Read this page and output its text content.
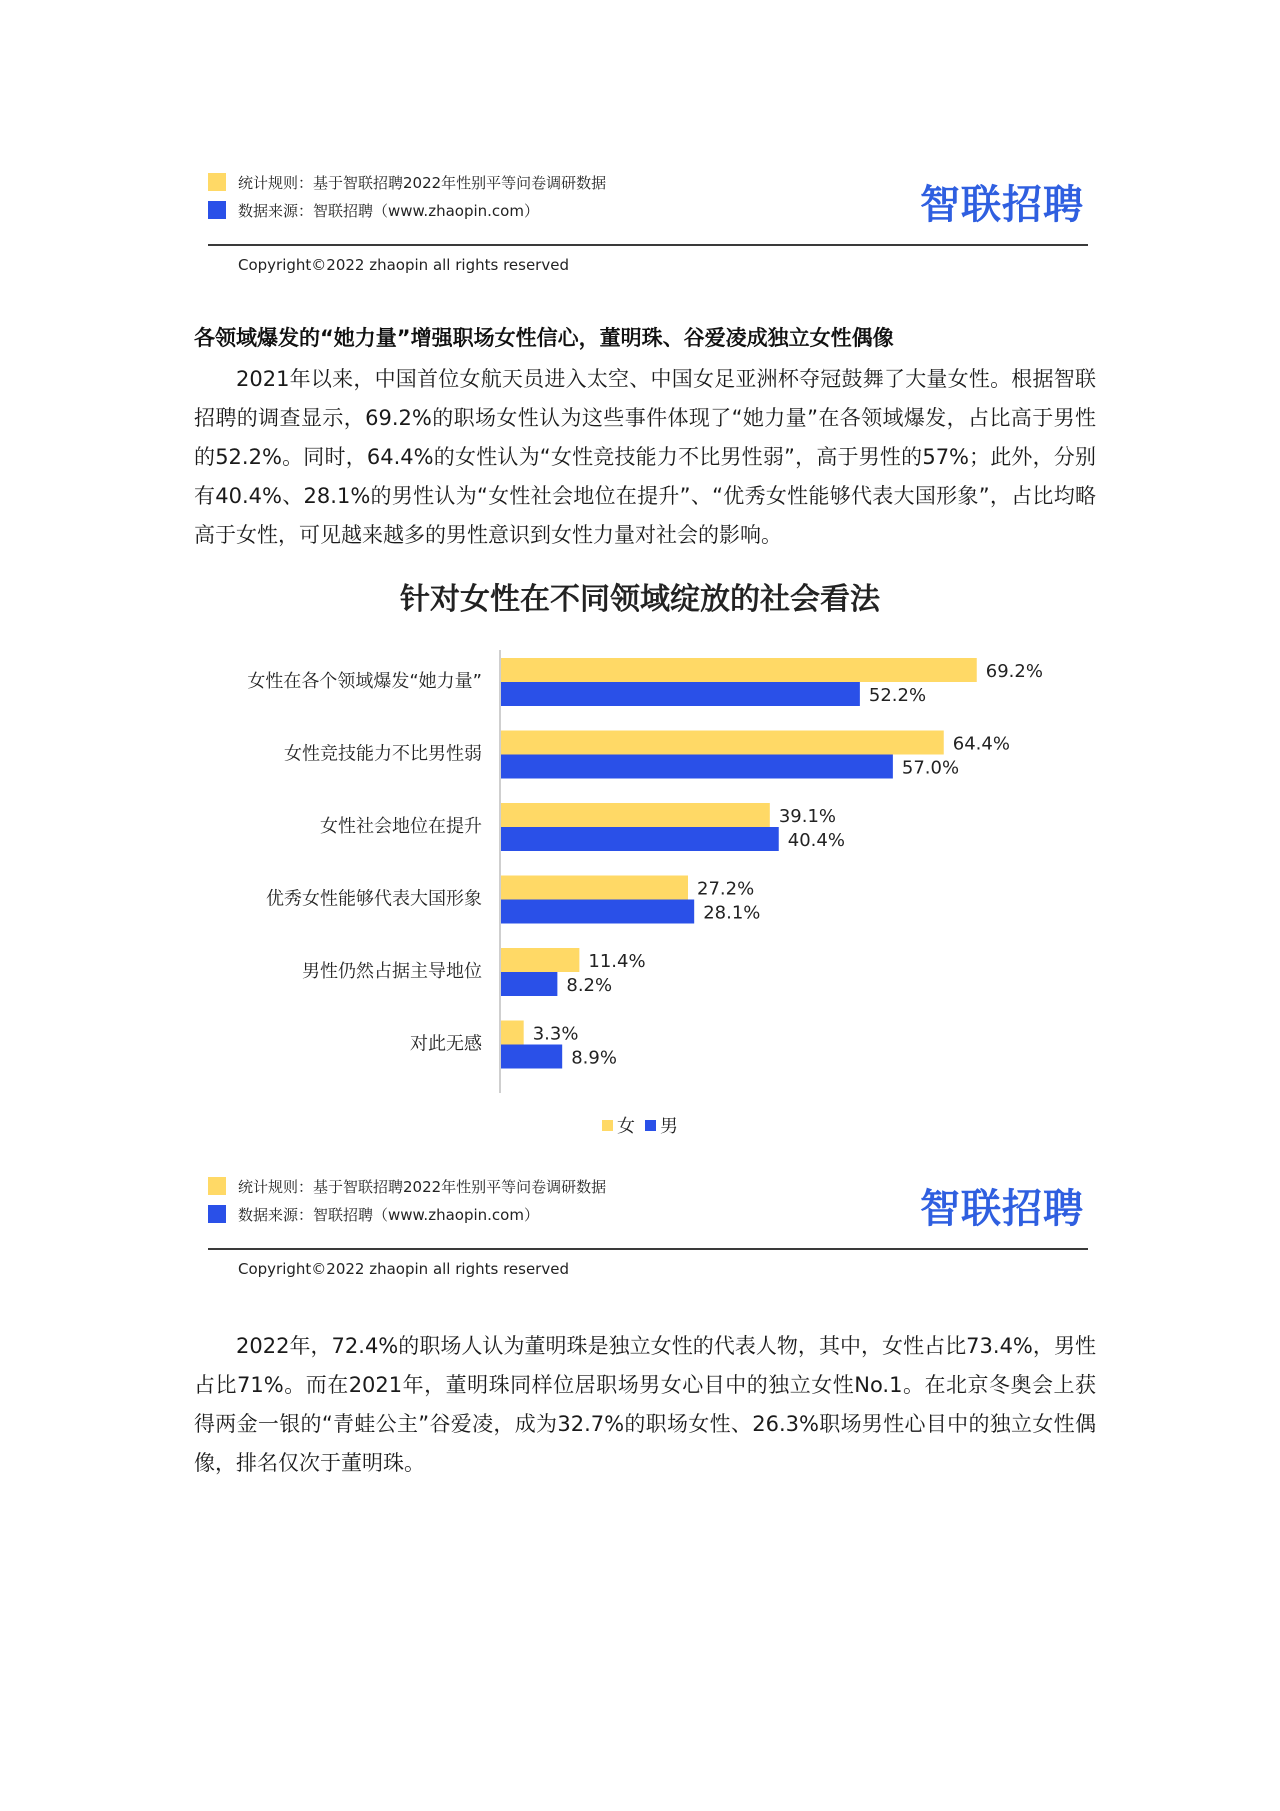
统计规则：基于智联招聘2022年性别平等问卷调研数据
数据来源：智联招聘（www.zhaopin.com）	智联招聘
Copyright©2022 zhaopin all rights reserved
各领域爆发的“她力量”增强职场女性信心，董明珠、谷爱凌成独立女性偶像

2021年以来，中国首位女航天员进入太空、中国女足亚洲杯夺冠鼓舞了大量女性。根据智联招聘的调查显示，69.2%的职场女性认为这些事件体现了“她力量”在各领域爆发，占比高于男性的52.2%。同时，64.4%的女性认为“女性竞技能力不比男性弱”，高于男性的57%；此外，分别有40.4%、28.1%的男性认为“女性社会地位在提升”、“优秀女性能够代表大国形象”，占比均略高于女性，可见越来越多的男性意识到女性力量对社会的影响。

针对女性在不同领域绽放的社会看法
女性在各个领域爆发“她力量”	69.2%
52.2%
女性竞技能力不比男性弱	64.4%
57.0%
女性社会地位在提升	39.1%
40.4%
优秀女性能够代表大国形象	27.2%
28.1%
男性仍然占据主导地位	11.4%
8.2%
对此无感	3.3%
8.9%
女 男
统计规则：基于智联招聘2022年性别平等问卷调研数据
数据来源：智联招聘（www.zhaopin.com）	智联招聘
Copyright©2022 zhaopin all rights reserved

2022年，72.4%的职场人认为董明珠是独立女性的代表人物，其中，女性占比73.4%，男性占比71%。而在2021年，董明珠同样位居职场男女心目中的独立女性No.1。在北京冬奥会上获得两金一银的“青蛙公主”谷爱凌，成为32.7%的职场女性、26.3%职场男性心目中的独立女性偶像，排名仅次于董明珠。
